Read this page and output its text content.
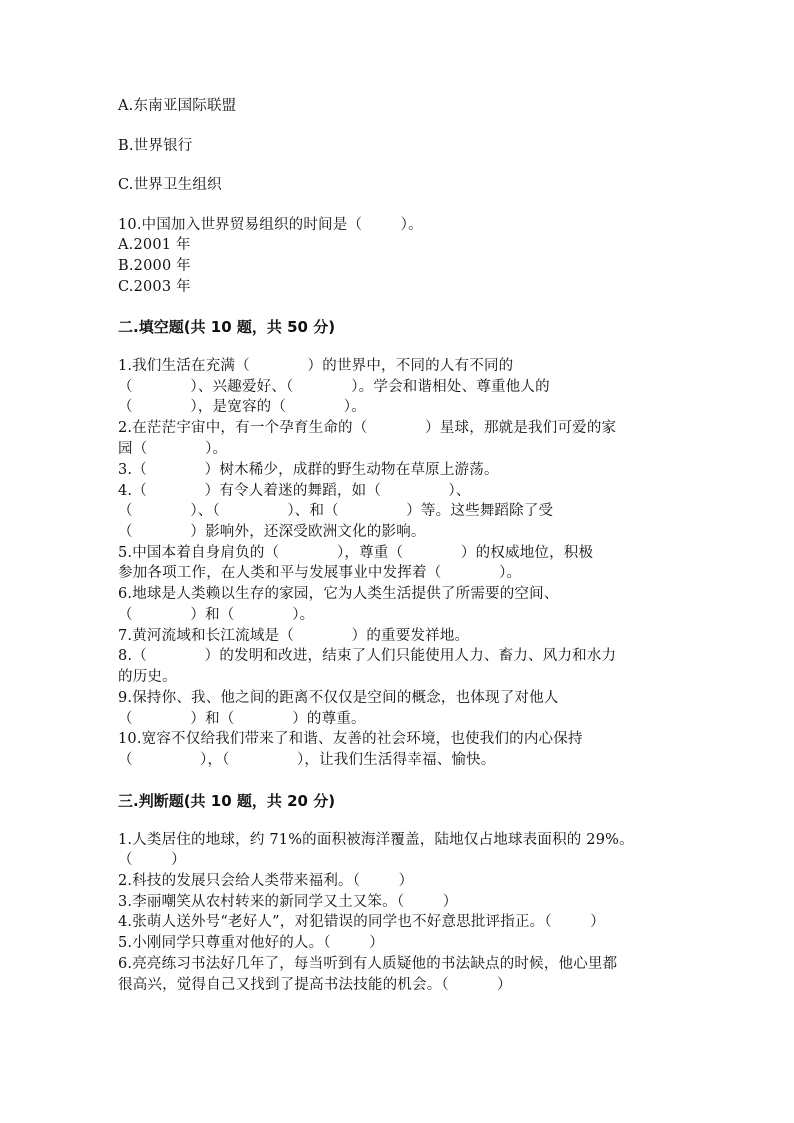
A.东南亚国际联盟
B.世界银行
C.世界卫生组织
10.中国加入世界贸易组织的时间是（        ）。
A.2001 年
B.2000 年
C.2003 年
二.填空题(共 10 题，共 50 分)
1.我们生活在充满（            ）的世界中，不同的人有不同的
（            ）、兴趣爱好、（            ）。学会和谐相处、尊重他人的
（            ），是宽容的（            ）。
2.在茫茫宇宙中，有一个孕育生命的（            ）星球，那就是我们可爱的家
园（            ）。
3.（            ）树木稀少，成群的野生动物在草原上游荡。
4.（            ）有令人着迷的舞蹈，如（              ）、
（            ）、（              ）、和（              ）等。这些舞蹈除了受
（            ）影响外，还深受欧洲文化的影响。
5.中国本着自身肩负的（            ），尊重（            ）的权威地位，积极
参加各项工作，在人类和平与发展事业中发挥着（            ）。
6.地球是人类赖以生存的家园，它为人类生活提供了所需要的空间、
（            ）和（            ）。
7.黄河流域和长江流域是（            ）的重要发祥地。
8.（            ）的发明和改进，结束了人们只能使用人力、畜力、风力和水力
的历史。
9.保持你、我、他之间的距离不仅仅是空间的概念，也体现了对他人
（            ）和（            ）的尊重。
10.宽容不仅给我们带来了和谐、友善的社会环境，也使我们的内心保持
（              ），（              ），让我们生活得幸福、愉快。
三.判断题(共 10 题，共 20 分)
1.人类居住的地球，约 71%的面积被海洋覆盖，陆地仅占地球表面积的 29%。
（        ）
2.科技的发展只会给人类带来福利。（        ）
3.李丽嘲笑从农村转来的新同学又土又笨。（        ）
4.张萌人送外号“老好人”，对犯错误的同学也不好意思批评指正。（        ）
5.小刚同学只尊重对他好的人。（        ）
6.亮亮练习书法好几年了，每当听到有人质疑他的书法缺点的时候，他心里都
很高兴，觉得自己又找到了提高书法技能的机会。（          ）
